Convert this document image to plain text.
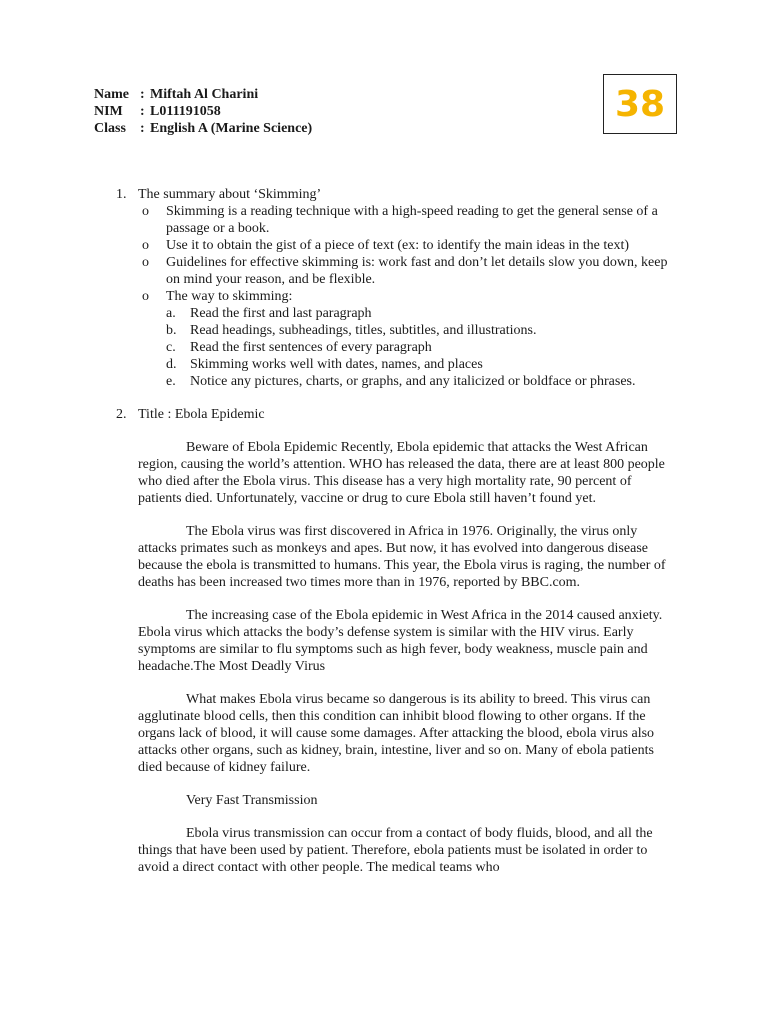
Name : Miftah Al Charini
NIM	: L011191058
Class	: English A (Marine Science)
38
1. The summary about ‘Skimming’
o	Skimming is a reading technique with a high-speed reading to get the general sense of a passage or a book.
o	Use it to obtain the gist of a piece of text (ex: to identify the main ideas in the text)
o	Guidelines for effective skimming is: work fast and don’t let details slow you down, keep on mind your reason, and be flexible.
o	The way to skimming:
a.	Read the first and last paragraph
b. Read headings, subheadings, titles, subtitles, and illustrations.
c.	Read the first sentences of every paragraph
d. Skimming works well with dates, names, and places
e.	Notice any pictures, charts, or graphs, and any italicized or boldface or phrases.
2. Title : Ebola Epidemic

Beware of Ebola Epidemic Recently, Ebola epidemic that attacks the West African region, causing the world’s attention. WHO has released the data, there are at least 800 people who died after the Ebola virus. This disease has a very high mortality rate, 90 percent of patients died. Unfortunately, vaccine or drug to cure Ebola still haven’t found yet.

The Ebola virus was first discovered in Africa in 1976. Originally, the virus only attacks primates such as monkeys and apes. But now, it has evolved into dangerous disease because the ebola is transmitted to humans. This year, the Ebola virus is raging, the number of deaths has been increased two times more than in 1976, reported by BBC.com.

The increasing case of the Ebola epidemic in West Africa in the 2014 caused anxiety. Ebola virus which attacks the body’s defense system is similar with the HIV virus. Early symptoms are similar to flu symptoms such as high fever, body weakness, muscle pain and headache.The Most Deadly Virus

What makes Ebola virus became so dangerous is its ability to breed. This virus can agglutinate blood cells, then this condition can inhibit blood flowing to other organs. If the organs lack of blood, it will cause some damages. After attacking the blood, ebola virus also attacks other organs, such as kidney, brain, intestine, liver and so on. Many of ebola patients died because of kidney failure.

Very Fast Transmission

Ebola virus transmission can occur from a contact of body fluids, blood, and all the things that have been used by patient. Therefore, ebola patients must be isolated in order to avoid a direct contact with other people. The medical teams who
